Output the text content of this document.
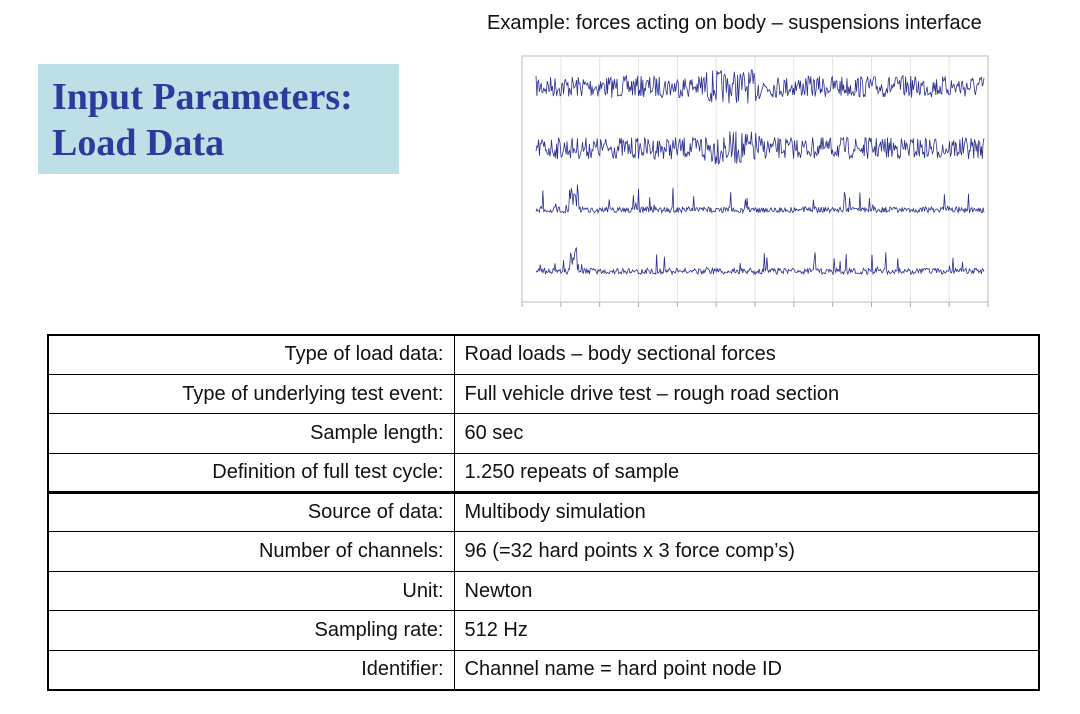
Input Parameters:
Load Data
Example: forces acting on body – suspensions interface
Type of load data:	Road loads – body sectional forces
Type of underlying test event:	Full vehicle drive test – rough road section
Sample length:	60 sec
Definition of full test cycle:	1.250 repeats of sample
Source of data:	Multibody simulation
Number of channels:	96 (=32 hard points x 3 force comp’s)
Unit:	Newton
Sampling rate:	512 Hz
Identifier:	Channel name = hard point node ID
